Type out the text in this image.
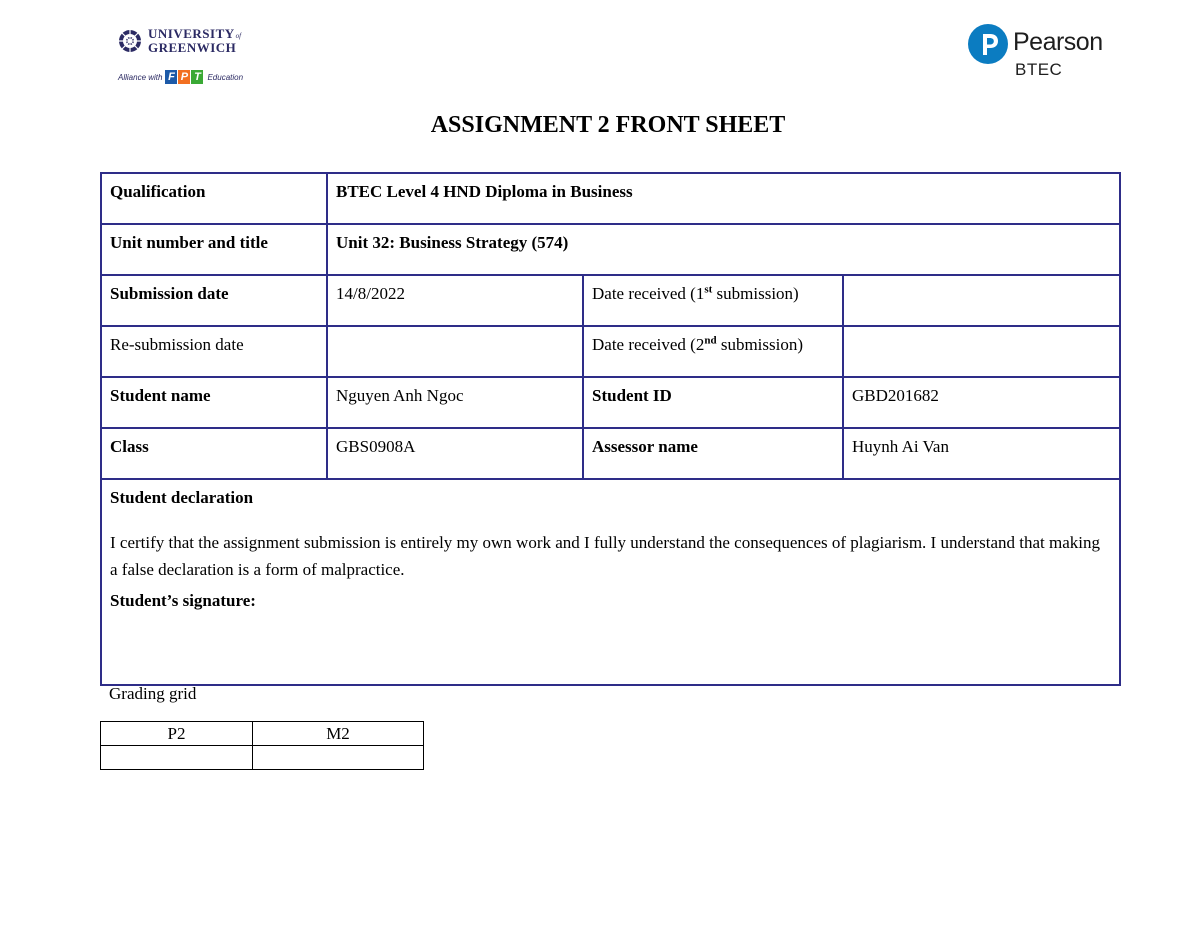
UNIVERSITYof
GREENWICH
Alliance with F P T Education
Pearson
BTEC
ASSIGNMENT 2 FRONT SHEET
Qualification	BTEC Level 4 HND Diploma in Business		
Unit number and title	Unit 32: Business Strategy (574)		
Submission date	14/8/2022	Date received (1st submission)	
Re-submission date		Date received (2nd submission)	
Student name	Nguyen Anh Ngoc	Student ID	GBD201682
Class	GBS0908A	Assessor name	Huynh Ai Van

Student declaration

I certify that the assignment submission is entirely my own work and I fully understand the consequences of plagiarism. I understand that making a false declaration is a form of malpractice.

Student’s signature:			

Grading grid
P2	M2
